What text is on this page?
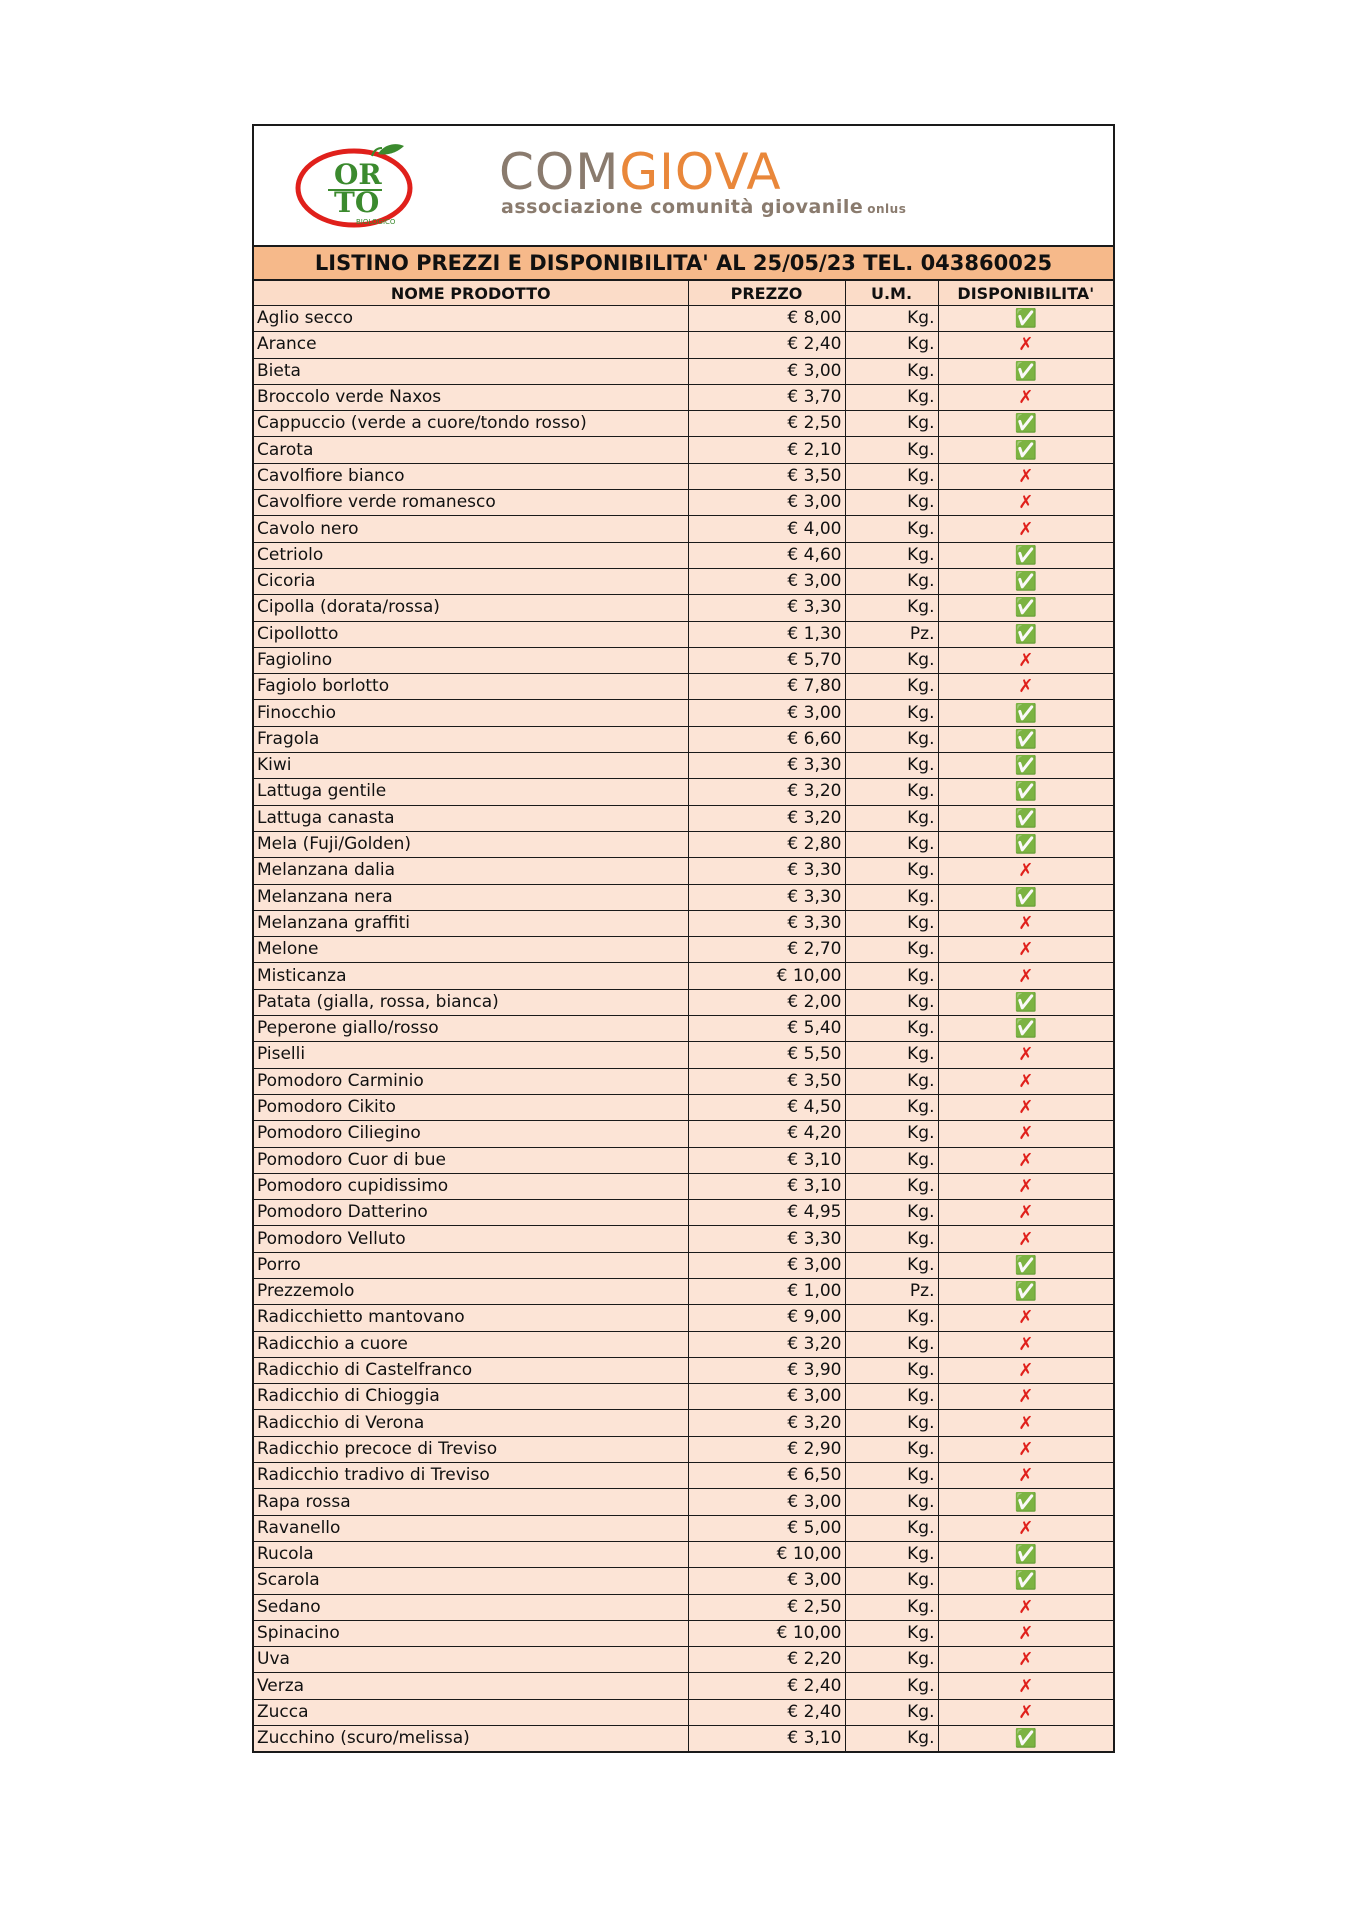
OR
TO
BIOLOGICO
COMGIOVA
associazione comunità giovanile onlus
LISTINO PREZZI E DISPONIBILITA' AL 25/05/23 TEL. 043860025
NOME PRODOTTO	PREZZO	U.M.	DISPONIBILITA'
Aglio secco	€ 8,00	Kg.	✅
Arance	€ 2,40	Kg.	✗
Bieta	€ 3,00	Kg.	✅
Broccolo verde Naxos	€ 3,70	Kg.	✗
Cappuccio (verde a cuore/tondo rosso)	€ 2,50	Kg.	✅
Carota	€ 2,10	Kg.	✅
Cavolfiore bianco	€ 3,50	Kg.	✗
Cavolfiore verde romanesco	€ 3,00	Kg.	✗
Cavolo nero	€ 4,00	Kg.	✗
Cetriolo	€ 4,60	Kg.	✅
Cicoria	€ 3,00	Kg.	✅
Cipolla (dorata/rossa)	€ 3,30	Kg.	✅
Cipollotto	€ 1,30	Pz.	✅
Fagiolino	€ 5,70	Kg.	✗
Fagiolo borlotto	€ 7,80	Kg.	✗
Finocchio	€ 3,00	Kg.	✅
Fragola	€ 6,60	Kg.	✅
Kiwi	€ 3,30	Kg.	✅
Lattuga gentile	€ 3,20	Kg.	✅
Lattuga canasta	€ 3,20	Kg.	✅
Mela (Fuji/Golden)	€ 2,80	Kg.	✅
Melanzana dalia	€ 3,30	Kg.	✗
Melanzana nera	€ 3,30	Kg.	✅
Melanzana graffiti	€ 3,30	Kg.	✗
Melone	€ 2,70	Kg.	✗
Misticanza	€ 10,00	Kg.	✗
Patata (gialla, rossa, bianca)	€ 2,00	Kg.	✅
Peperone giallo/rosso	€ 5,40	Kg.	✅
Piselli	€ 5,50	Kg.	✗
Pomodoro Carminio	€ 3,50	Kg.	✗
Pomodoro Cikito	€ 4,50	Kg.	✗
Pomodoro Ciliegino	€ 4,20	Kg.	✗
Pomodoro Cuor di bue	€ 3,10	Kg.	✗
Pomodoro cupidissimo	€ 3,10	Kg.	✗
Pomodoro Datterino	€ 4,95	Kg.	✗
Pomodoro Velluto	€ 3,30	Kg.	✗
Porro	€ 3,00	Kg.	✅
Prezzemolo	€ 1,00	Pz.	✅
Radicchietto mantovano	€ 9,00	Kg.	✗
Radicchio a cuore	€ 3,20	Kg.	✗
Radicchio di Castelfranco	€ 3,90	Kg.	✗
Radicchio di Chioggia	€ 3,00	Kg.	✗
Radicchio di Verona	€ 3,20	Kg.	✗
Radicchio precoce di Treviso	€ 2,90	Kg.	✗
Radicchio tradivo di Treviso	€ 6,50	Kg.	✗
Rapa rossa	€ 3,00	Kg.	✅
Ravanello	€ 5,00	Kg.	✗
Rucola	€ 10,00	Kg.	✅
Scarola	€ 3,00	Kg.	✅
Sedano	€ 2,50	Kg.	✗
Spinacino	€ 10,00	Kg.	✗
Uva	€ 2,20	Kg.	✗
Verza	€ 2,40	Kg.	✗
Zucca	€ 2,40	Kg.	✗
Zucchino (scuro/melissa)	€ 3,10	Kg.	✅
